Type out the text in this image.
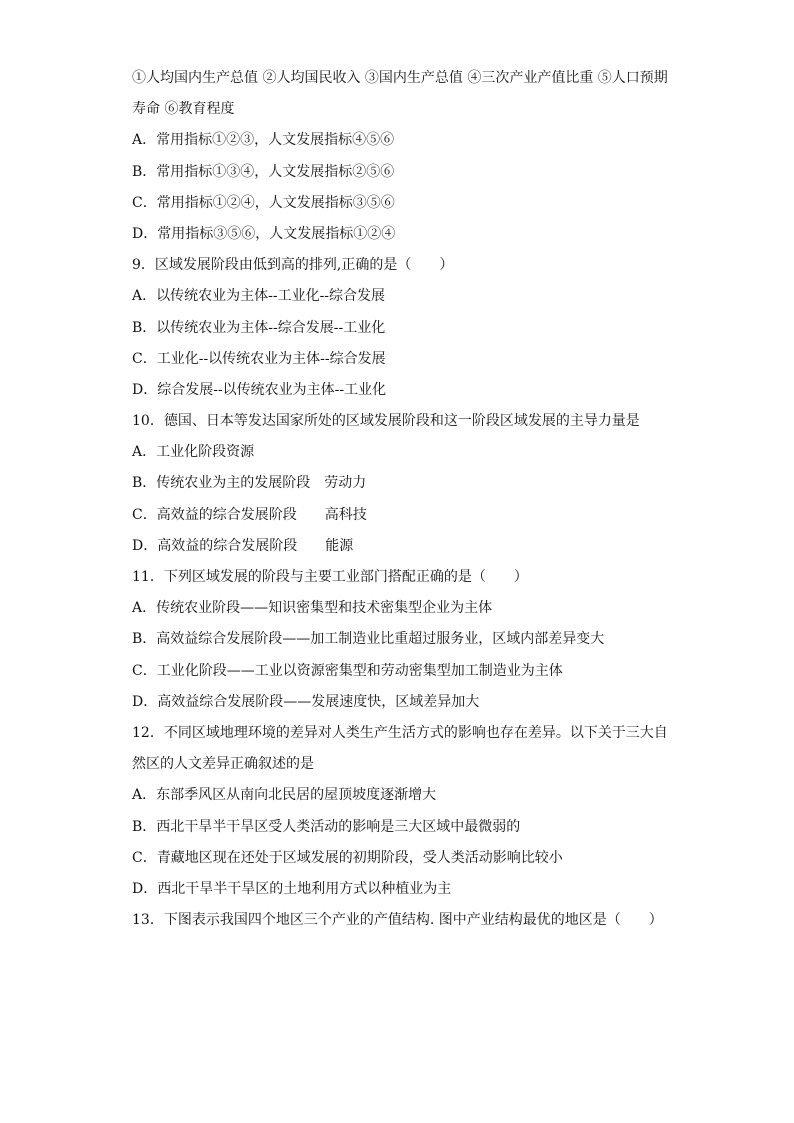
①人均国内生产总值 ②人均国民收入 ③国内生产总值 ④三次产业产值比重 ⑤人口预期
寿命 ⑥教育程度
A．常用指标①②③，人文发展指标④⑤⑥
B．常用指标①③④，人文发展指标②⑤⑥
C．常用指标①②④，人文发展指标③⑤⑥
D．常用指标③⑤⑥，人文发展指标①②④
9．区域发展阶段由低到高的排列,正确的是（　　）
A．以传统农业为主体--工业化--综合发展
B．以传统农业为主体--综合发展--工业化
C．工业化--以传统农业为主体--综合发展
D．综合发展--以传统农业为主体--工业化
10．德国、日本等发达国家所处的区域发展阶段和这一阶段区域发展的主导力量是
A．工业化阶段资源
B．传统农业为主的发展阶段　劳动力
C．高效益的综合发展阶段　　高科技
D．高效益的综合发展阶段　　能源
11．下列区域发展的阶段与主要工业部门搭配正确的是（　　）
A．传统农业阶段——知识密集型和技术密集型企业为主体
B．高效益综合发展阶段——加工制造业比重超过服务业，区域内部差异变大
C．工业化阶段——工业以资源密集型和劳动密集型加工制造业为主体
D．高效益综合发展阶段——发展速度快，区域差异加大
12．不同区域地理环境的差异对人类生产生活方式的影响也存在差异。以下关于三大自
然区的人文差异正确叙述的是
A．东部季风区从南向北民居的屋顶坡度逐渐增大
B．西北干旱半干旱区受人类活动的影响是三大区域中最微弱的
C．青藏地区现在还处于区域发展的初期阶段，受人类活动影响比较小
D．西北干旱半干旱区的土地利用方式以种植业为主
13．下图表示我国四个地区三个产业的产值结构. 图中产业结构最优的地区是（　　）
